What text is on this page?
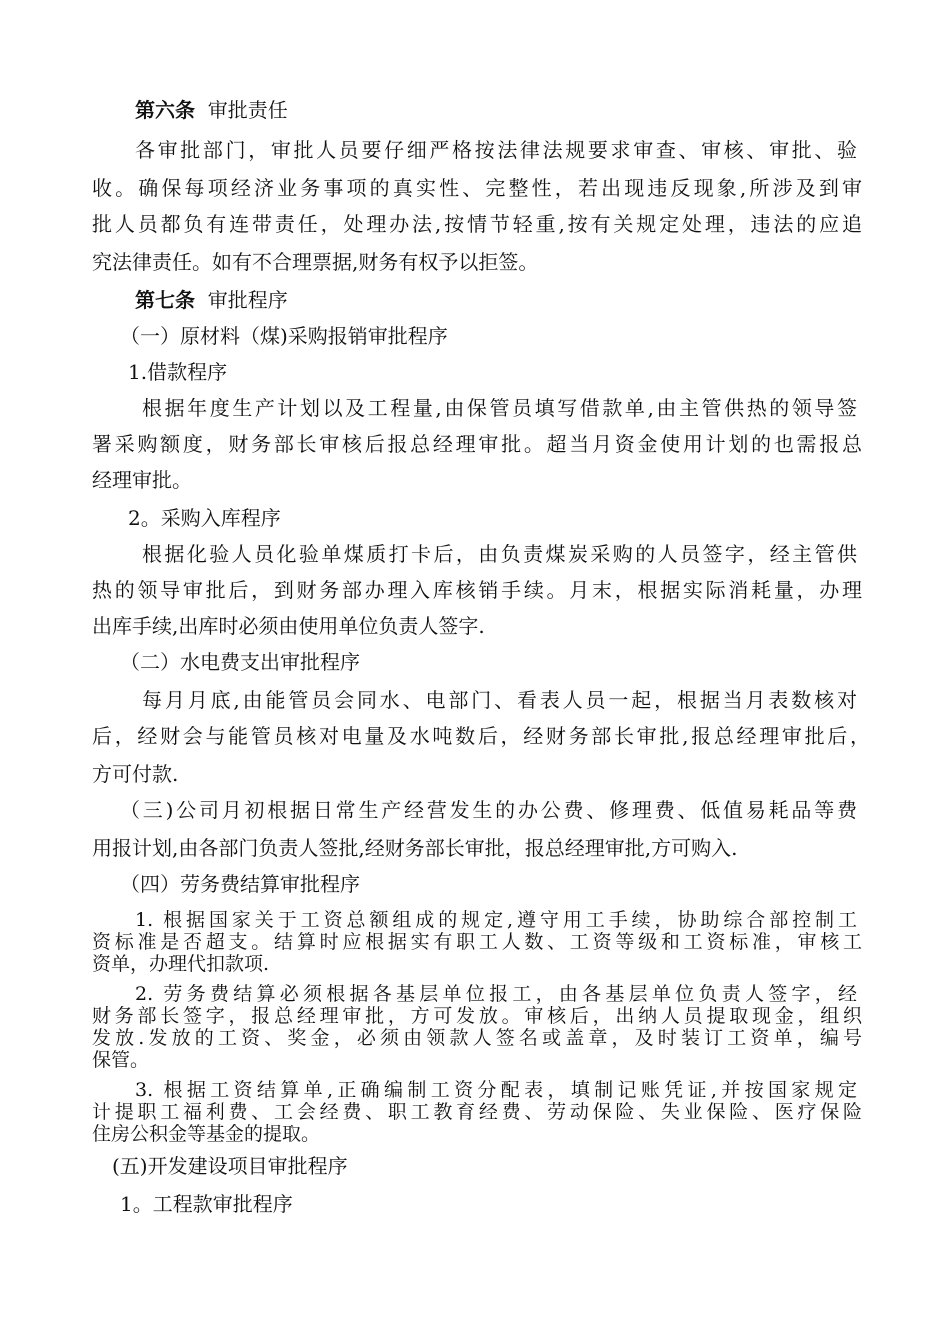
第六条 审批责任
各审批部门，审批人员要仔细严格按法律法规要求审查、审核、审批、验
收。确保每项经济业务事项的真实性、完整性，若出现违反现象,所涉及到审
批人员都负有连带责任，处理办法,按情节轻重,按有关规定处理，违法的应追
究法律责任。如有不合理票据,财务有权予以拒签。
第七条 审批程序
（一）原材料（煤)采购报销审批程序
1.借款程序
根据年度生产计划以及工程量,由保管员填写借款单,由主管供热的领导签
署采购额度，财务部长审核后报总经理审批。超当月资金使用计划的也需报总
经理审批。
2。采购入库程序
根据化验人员化验单煤质打卡后，由负责煤炭采购的人员签字，经主管供
热的领导审批后，到财务部办理入库核销手续。月末，根据实际消耗量，办理
出库手续,出库时必须由使用单位负责人签字.
（二）水电费支出审批程序
每月月底,由能管员会同水、电部门、看表人员一起，根据当月表数核对
后，经财会与能管员核对电量及水吨数后，经财务部长审批,报总经理审批后，
方可付款.
（三)公司月初根据日常生产经营发生的办公费、修理费、低值易耗品等费
用报计划,由各部门负责人签批,经财务部长审批，报总经理审批,方可购入.
（四）劳务费结算审批程序
1. 根据国家关于工资总额组成的规定,遵守用工手续，协助综合部控制工
资标准是否超支。结算时应根据实有职工人数、工资等级和工资标准，审核工
资单，办理代扣款项.
2. 劳务费结算必须根据各基层单位报工，由各基层单位负责人签字，经
财务部长签字，报总经理审批，方可发放。审核后，出纳人员提取现金，组织
发放.发放的工资、奖金，必须由领款人签名或盖章，及时装订工资单，编号
保管。
3. 根据工资结算单,正确编制工资分配表，填制记账凭证,并按国家规定
计提职工福利费、工会经费、职工教育经费、劳动保险、失业保险、医疗保险
住房公积金等基金的提取。
(五)开发建设项目审批程序
1。工程款审批程序
